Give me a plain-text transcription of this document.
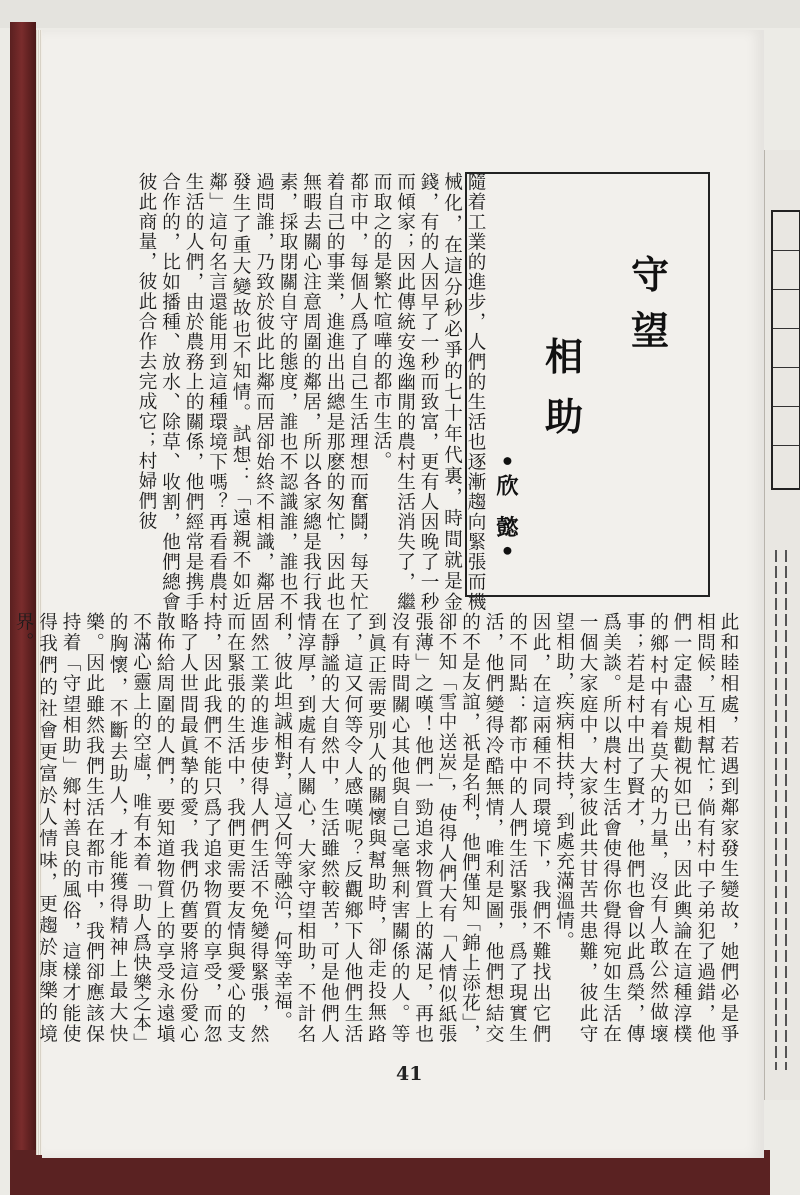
隨着工業的進步，人們的生活也逐漸趨向緊張而機械化，在這分秒必爭的七十年代裏，時間就是金錢，有的人因早了一秒而致富，更有人因晚了一秒而傾家；因此傳統安逸幽閒的農村生活消失了，繼而取之的是繁忙喧嘩的都市生活。

都市中，每個人爲了自己生活理想而奮鬪，每天忙着自己的事業，進進出出總是那麽的匆忙，因此也無暇去關心注意周圍的鄰居，所以各家總是我行我素，採取閉關自守的態度，誰也不認識誰，誰也不過問誰，乃致於彼此比鄰而居卻始終不相識，鄰居發生了重大變故也不知情。試想：「遠親不如近鄰」這句名言還能用到這種環境下嗎？再看看農村生活的人們，由於農務上的關係，他們經常是携手合作的，比如播種、放水、除草、收割，他們總會彼此商量，彼此合作去完成它；村婦們彼	守
望
相
助
•欣 懿•

此和睦相處，若遇到鄰家發生變故，她們必是爭相問候，互相幫忙；倘有村中子弟犯了過錯，他們一定盡心規勸視如已出，因此輿論在這種淳樸的鄉村中有着莫大的力量，沒有人敢公然做壞事；若是村中出了賢才，他們也會以此爲榮，傳爲美談。所以農村生活會使得你覺得宛如生活在一個大家庭中，大家彼此共甘苦共患難，彼此守望相助，疾病相扶持，到處充滿溫情。

因此，在這兩種不同環境下，我們不難找出它們的不同點：都市中的人們生活緊張，爲了現實生活，他們變得冷酷無情，唯利是圖，他們想結交的不是友誼，祇是名利，他們僅知「錦上添花」，卻不知「雪中送炭」，使得人們大有「人情似紙張張薄」之嘆！他們一勁追求物質上的滿足，再也沒有時間關心其他與自己毫無利害關係的人。等到眞正需要別人的關懷與幫助時，卻走投無路了，這又何等令人感嘆呢？反觀鄉下人他們生活在靜謐的大自然中，生活雖然較苦，可是他們人情淳厚，到處有人關心，大家守望相助，不計名利，彼此坦誠相對，這又何等融洽，何等幸福。

固然工業的進步使得人們生活不免變得緊張，然而在緊張的生活中，我們更需要友情與愛心的支持，因此我們不能只爲了追求物質的享受，而忽略了人世間最眞摯的愛，我們仍舊要將這份愛心散佈給周圍的人們，要知道物質上的享受永遠塡不滿心靈上的空虛，唯有本着「助人爲快樂之本」的胸懷，不斷去助人，才能獲得精神上最大快樂。因此雖然我們生活在都市中，我們卻應該保持着「守望相助」鄉村善良的風俗，這樣才能使得我們的社會更富於人情味，更趨於康樂的境界。

41
